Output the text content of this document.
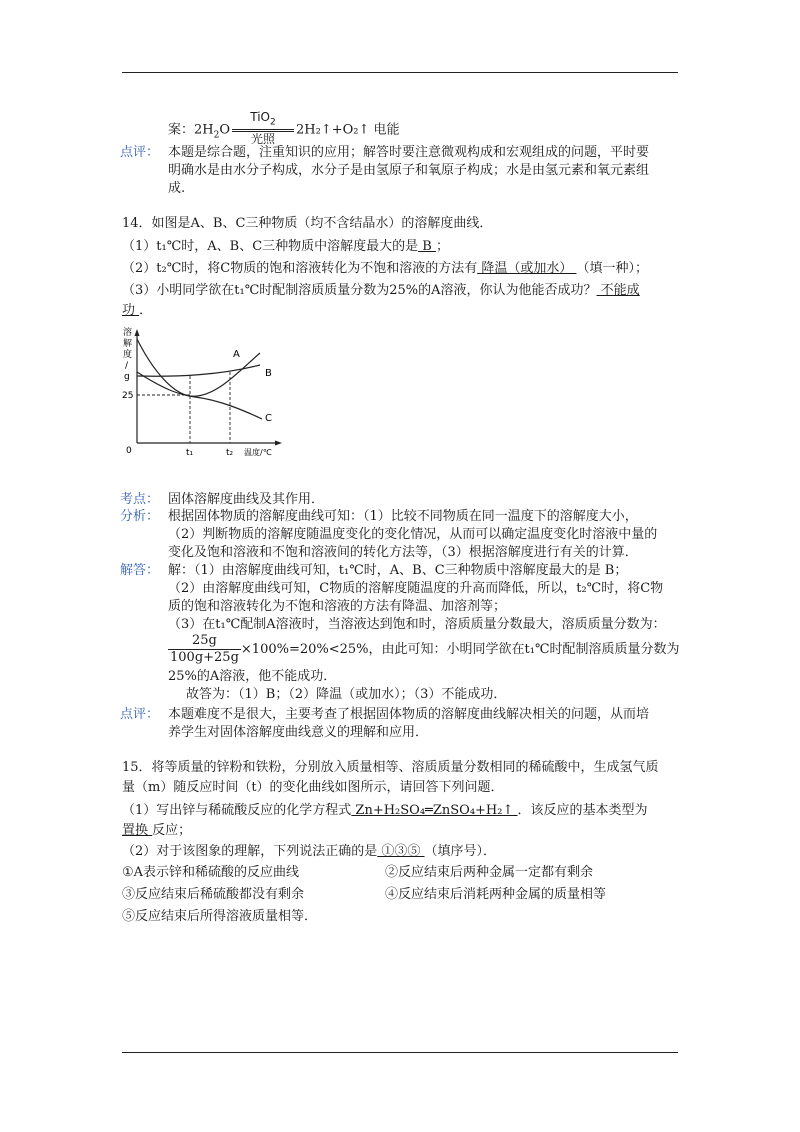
案：$2H_2O$
TiO$_2$
光照
2H₂↑+O₂↑ 电能
点评： 本题是综合题，注重知识的应用；解答时要注意微观构成和宏观组成的问题，平时要
明确水是由水分子构成，水分子是由氢原子和氧原子构成；水是由氢元素和氧元素组
成.
14．如图是A、B、C三种物质（均不含结晶水）的溶解度曲线．
（1）t₁℃时，A、B、C三种物质中溶解度最大的是 B ；
（2）t₂℃时，将C物质的饱和溶液转化为不饱和溶液的方法有 降温（或加水） （填一种）；
（3）小明同学欲在t₁℃时配制溶质质量分数为25%的A溶液，你认为他能否成功？ 不能成
功 ．
溶
解
度
/
g
A
B
C
25
0	t₁	t₂ 温度/℃
考点： 固体溶解度曲线及其作用．
分析： 根据固体物质的溶解度曲线可知：（1）比较不同物质在同一温度下的溶解度大小，
（2）判断物质的溶解度随温度变化的变化情况，从而可以确定温度变化时溶液中量的
变化及饱和溶液和不饱和溶液间的转化方法等，（3）根据溶解度进行有关的计算．
解答： 解：（1）由溶解度曲线可知，t₁℃时，A、B、C三种物质中溶解度最大的是 B；
（2）由溶解度曲线可知，C物质的溶解度随温度的升高而降低，所以，t₂℃时，将C物
质的饱和溶液转化为不饱和溶液的方法有降温、加溶剂等；
（3）在t₁℃配制A溶液时，当溶液达到饱和时，溶质质量分数最大，溶质质量分数为：
$\frac{25g}{100g+25g} \times 100\%=20\%<25\%$，由此可知：小明同学欲在t₁℃时配制溶质质量分数为
25%的A溶液，他不能成功．
故答为：（1）B；（2）降温（或加水）；（3）不能成功．
点评： 本题难度不是很大，主要考查了根据固体物质的溶解度曲线解决相关的问题，从而培
养学生对固体溶解度曲线意义的理解和应用．
15．将等质量的锌粉和铁粉，分别放入质量相等、溶质质量分数相同的稀硫酸中，生成氢气质
量（m）随反应时间（t）的变化曲线如图所示，请回答下列问题．
（1）写出锌与稀硫酸反应的化学方程式 Zn+H₂SO₄═ZnSO₄+H₂↑ ．该反应的基本类型为
置换 反应；
（2）对于该图象的理解，下列说法正确的是 ①③⑤ （填序号）．
①A表示锌和稀硫酸的反应曲线	②反应结束后两种金属一定都有剩余
③反应结束后稀硫酸都没有剩余	④反应结束后消耗两种金属的质量相等
⑤反应结束后所得溶液质量相等．
